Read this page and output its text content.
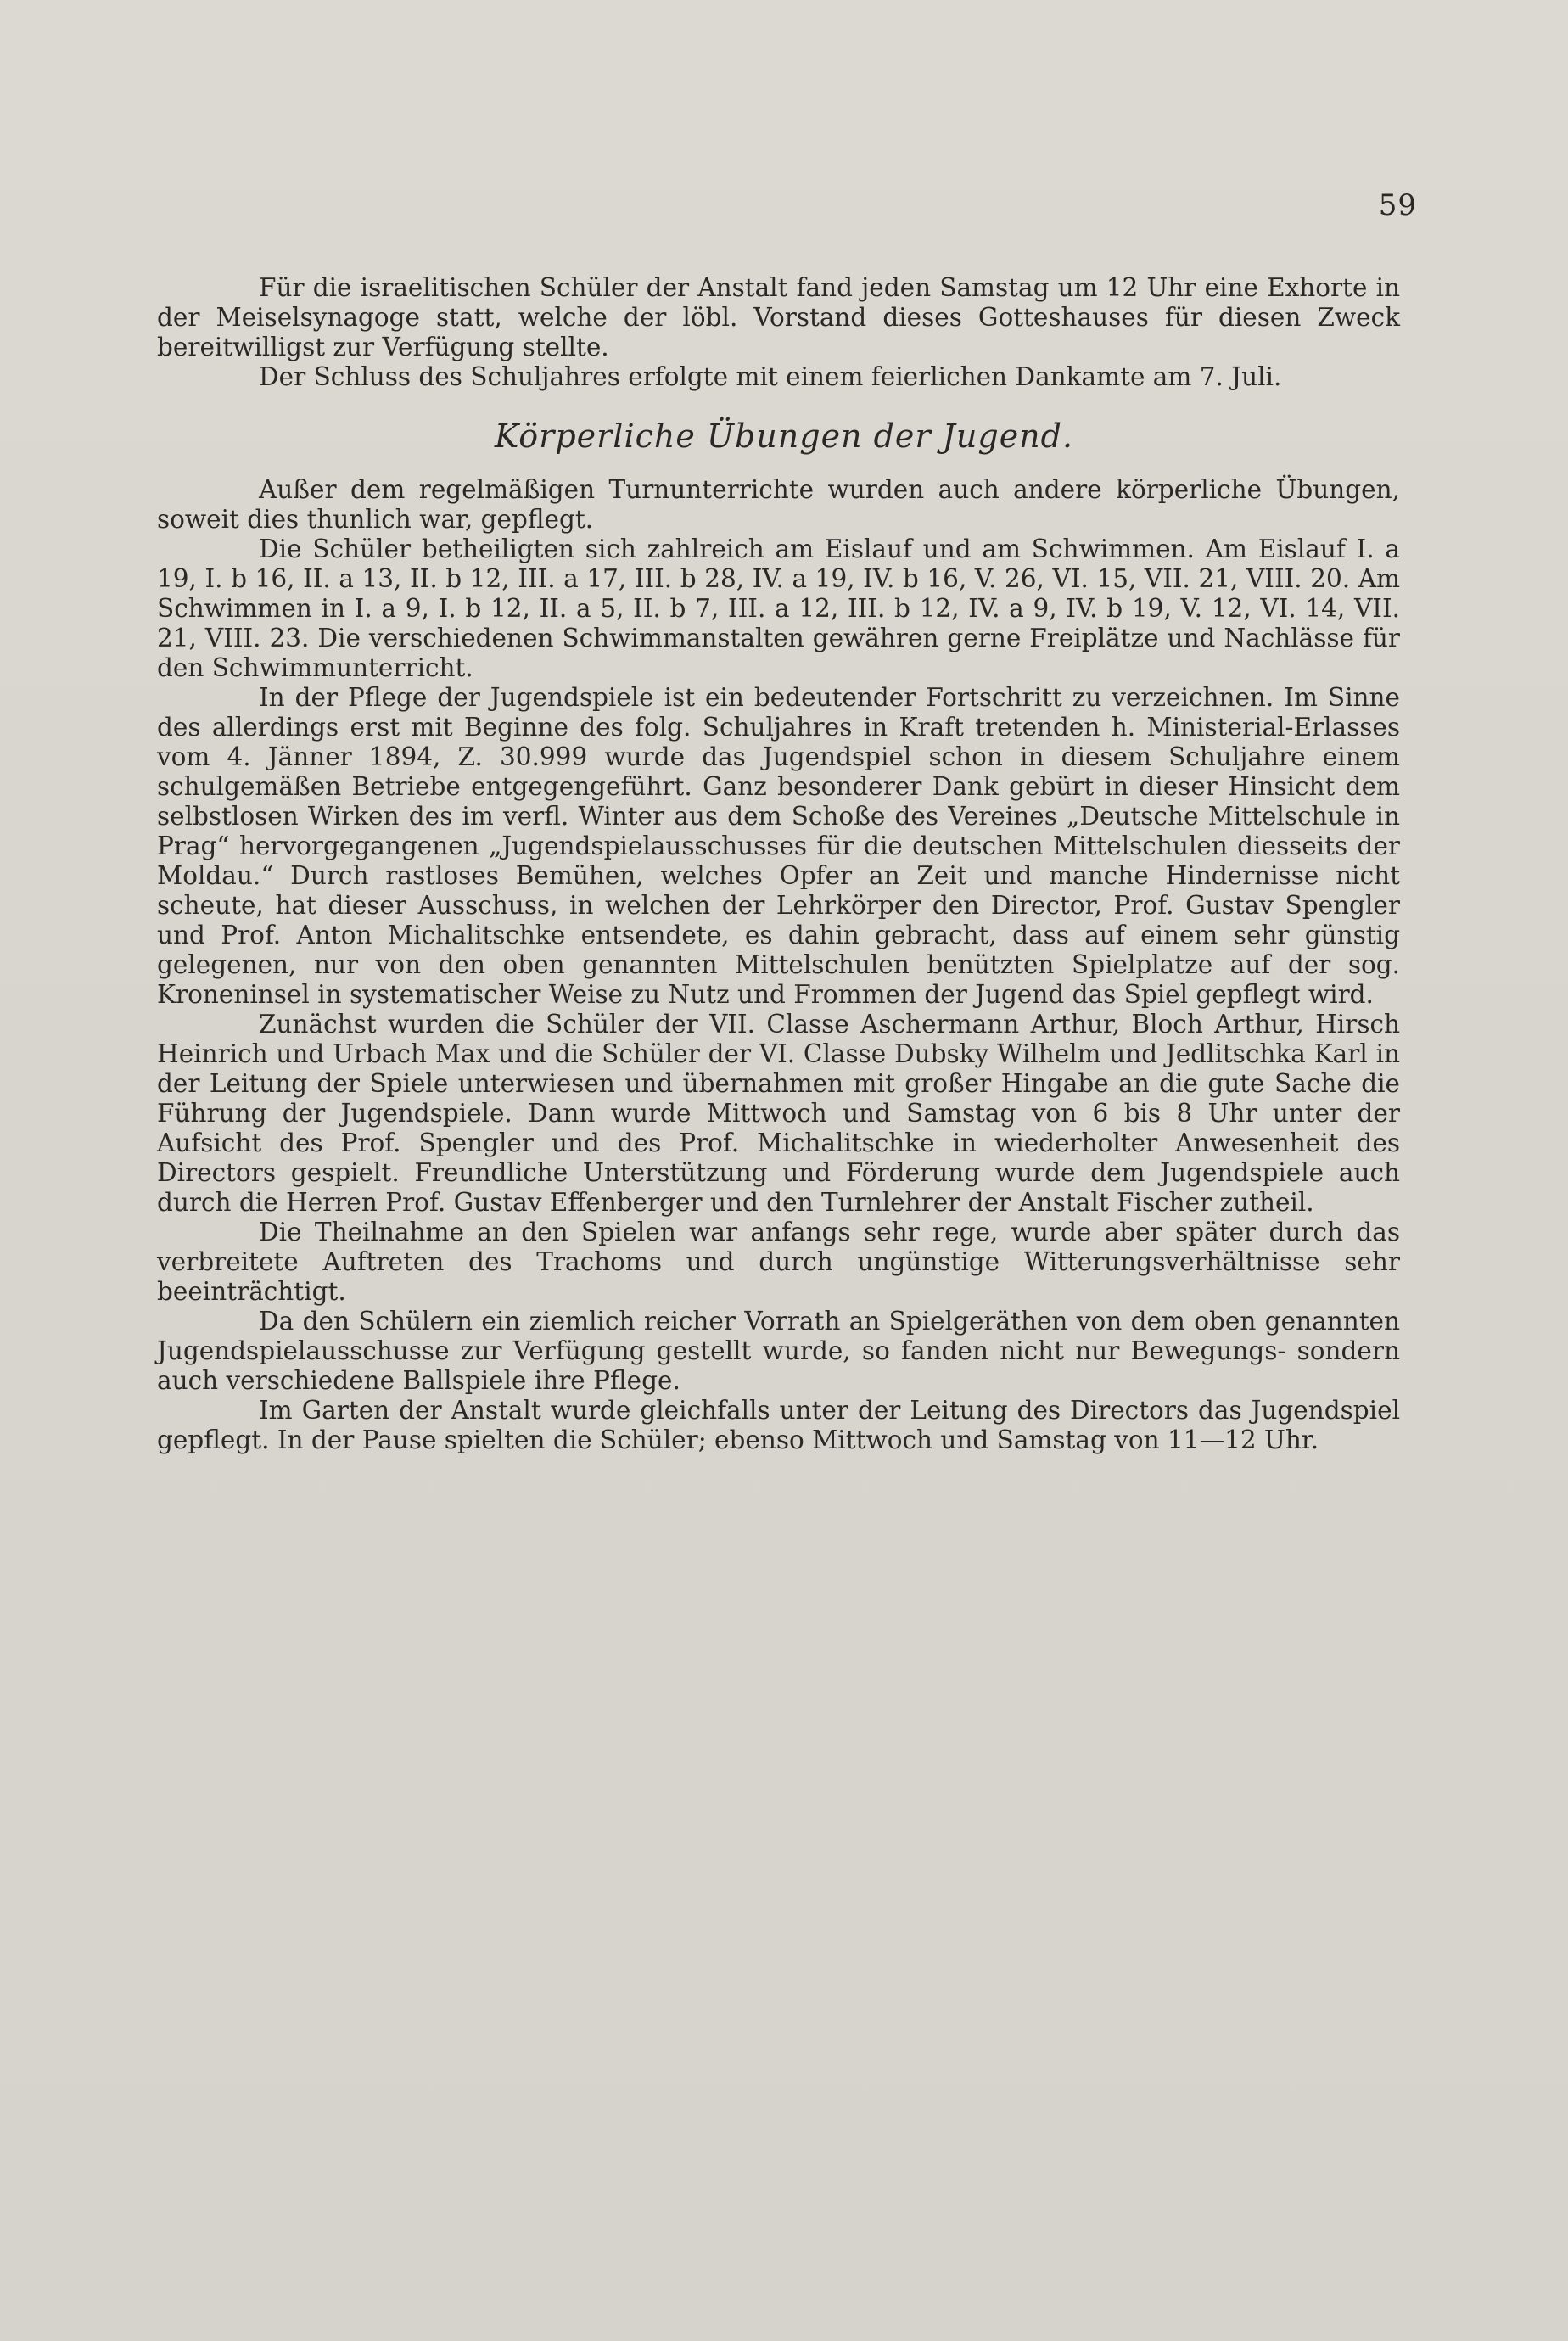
59

Für die israelitischen Schüler der Anstalt fand jeden Samstag um 12 Uhr eine Exhorte in der Meiselsynagoge statt, welche der löbl. Vorstand dieses Gotteshauses für diesen Zweck bereitwilligst zur Verfügung stellte.

Der Schluss des Schuljahres erfolgte mit einem feierlichen Dankamte am 7. Juli.

Körperliche Übungen der Jugend.

Außer dem regelmäßigen Turnunterrichte wurden auch andere körperliche Übungen, soweit dies thunlich war, gepflegt.

Die Schüler betheiligten sich zahlreich am Eislauf und am Schwimmen. Am Eislauf I. a 19, I. b 16, II. a 13, II. b 12, III. a 17, III. b 28, IV. a 19, IV. b 16, V. 26, VI. 15, VII. 21, VIII. 20. Am Schwimmen in I. a 9, I. b 12, II. a 5, II. b 7, III. a 12, III. b 12, IV. a 9, IV. b 19, V. 12, VI. 14, VII. 21, VIII. 23. Die verschiedenen Schwimmanstalten gewähren gerne Freiplätze und Nachlässe für den Schwimmunterricht.

In der Pflege der Jugendspiele ist ein bedeutender Fortschritt zu verzeichnen. Im Sinne des allerdings erst mit Beginne des folg. Schuljahres in Kraft tretenden h. Ministerial-Erlasses vom 4. Jänner 1894, Z. 30.999 wurde das Jugendspiel schon in diesem Schuljahre einem schulgemäßen Betriebe entgegengeführt. Ganz besonderer Dank gebürt in dieser Hinsicht dem selbstlosen Wirken des im verfl. Winter aus dem Schoße des Vereines „Deutsche Mittelschule in Prag“ hervorgegangenen „Jugendspielausschusses für die deutschen Mittelschulen diesseits der Moldau.“ Durch rastloses Bemühen, welches Opfer an Zeit und manche Hindernisse nicht scheute, hat dieser Ausschuss, in welchen der Lehrkörper den Director, Prof. Gustav Spengler und Prof. Anton Michalitschke entsendete, es dahin gebracht, dass auf einem sehr günstig gelegenen, nur von den oben genannten Mittelschulen benützten Spielplatze auf der sog. Kroneninsel in systematischer Weise zu Nutz und Frommen der Jugend das Spiel gepflegt wird.

Zunächst wurden die Schüler der VII. Classe Aschermann Arthur, Bloch Arthur, Hirsch Heinrich und Urbach Max und die Schüler der VI. Classe Dubsky Wilhelm und Jedlitschka Karl in der Leitung der Spiele unterwiesen und übernahmen mit großer Hingabe an die gute Sache die Führung der Jugendspiele. Dann wurde Mittwoch und Samstag von 6 bis 8 Uhr unter der Aufsicht des Prof. Spengler und des Prof. Michalitschke in wiederholter Anwesenheit des Directors gespielt. Freundliche Unterstützung und Förderung wurde dem Jugendspiele auch durch die Herren Prof. Gustav Effenberger und den Turnlehrer der Anstalt Fischer zutheil.

Die Theilnahme an den Spielen war anfangs sehr rege, wurde aber später durch das verbreitete Auftreten des Trachoms und durch ungünstige Witterungsverhältnisse sehr beeinträchtigt.

Da den Schülern ein ziemlich reicher Vorrath an Spielgeräthen von dem oben genannten Jugendspielausschusse zur Verfügung gestellt wurde, so fanden nicht nur Bewegungs- sondern auch verschiedene Ballspiele ihre Pflege.

Im Garten der Anstalt wurde gleichfalls unter der Leitung des Directors das Jugendspiel gepflegt. In der Pause spielten die Schüler; ebenso Mittwoch und Samstag von 11—12 Uhr.
